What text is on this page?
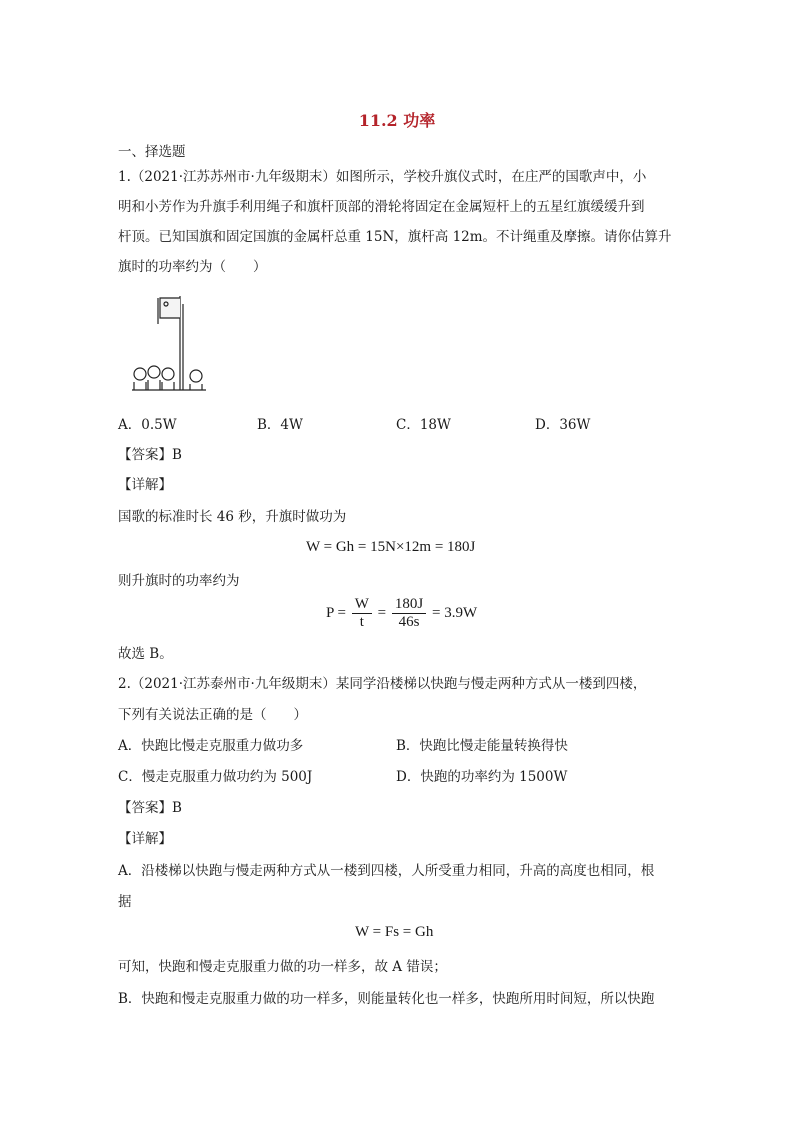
11.2 功率
一、择选题
1.（2021·江苏苏州市·九年级期末）如图所示，学校升旗仪式时，在庄严的国歌声中，小
明和小芳作为升旗手利用绳子和旗杆顶部的滑轮将固定在金属短杆上的五星红旗缓缓升到
杆顶。已知国旗和固定国旗的金属杆总重 15N，旗杆高 12m。不计绳重及摩擦。请你估算升
旗时的功率约为（　　）
A．0.5W	B．4W	C．18W	D．36W
【答案】B
【详解】
国歌的标准时长 46 秒，升旗时做功为
W = Gh = 15N×12m = 180J
则升旗时的功率约为
$P = \frac{W}{t} = \frac{180J}{46s} = 3.9W$
故选 B。
2.（2021·江苏泰州市·九年级期末）某同学沿楼梯以快跑与慢走两种方式从一楼到四楼，
下列有关说法正确的是（　　）
A．快跑比慢走克服重力做功多	B．快跑比慢走能量转换得快
C．慢走克服重力做功约为 500J	D．快跑的功率约为 1500W
【答案】B
【详解】
A．沿楼梯以快跑与慢走两种方式从一楼到四楼，人所受重力相同，升高的高度也相同，根
据
W = Fs = Gh
可知，快跑和慢走克服重力做的功一样多，故 A 错误；
B．快跑和慢走克服重力做的功一样多，则能量转化也一样多，快跑所用时间短，所以快跑
